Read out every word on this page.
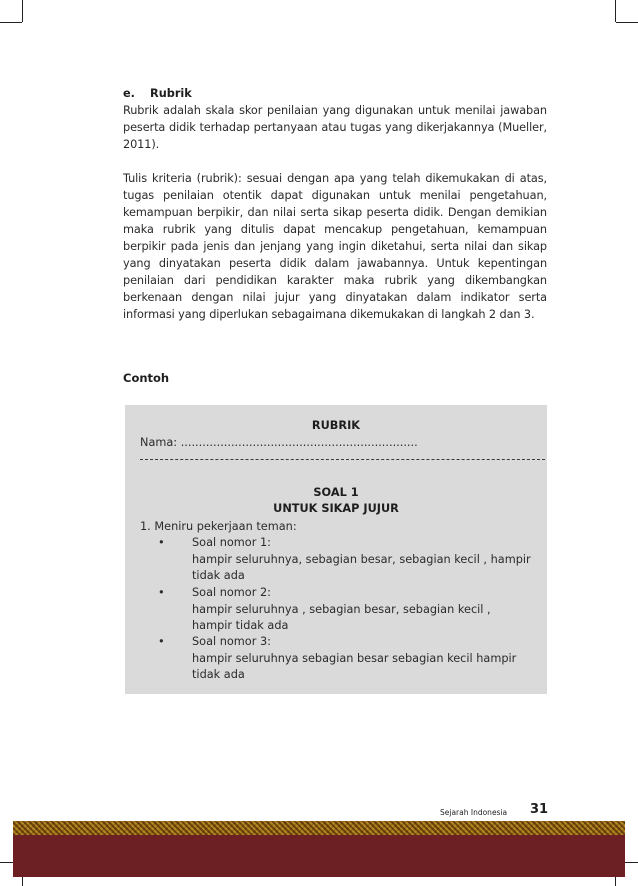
e.	Rubrik

Rubrik adalah skala skor penilaian yang digunakan untuk menilai jawaban peserta didik terhadap pertanyaan atau tugas yang dikerjakannya (Mueller, 2011).

Tulis kriteria (rubrik): sesuai dengan apa yang telah dikemukakan di atas, tugas penilaian otentik dapat digunakan untuk menilai pengetahuan, kemampuan berpikir, dan nilai serta sikap peserta didik. Dengan demikian maka rubrik yang ditulis dapat mencakup pengetahuan, kemampuan berpikir pada jenis dan jenjang yang ingin diketahui, serta nilai dan sikap yang dinyatakan peserta didik dalam jawabannya. Untuk kepentingan penilaian dari pendidikan karakter maka rubrik yang dikembangkan berkenaan dengan nilai jujur yang dinyatakan dalam indikator serta informasi yang diperlukan sebagaimana dikemukakan di langkah 2 dan 3.

Contoh
RUBRIK
Nama: ..................................................................
SOAL 1
UNTUK SIKAP JUJUR
1. Meniru pekerjaan teman:
•	Soal nomor 1:
hampir seluruhnya, sebagian besar, sebagian kecil , hampir
tidak ada
•	Soal nomor 2:
hampir seluruhnya , sebagian besar, sebagian kecil ,
hampir tidak ada
•	Soal nomor 3:
hampir seluruhnya sebagian besar sebagian kecil hampir
tidak ada
Sejarah Indonesia 31
